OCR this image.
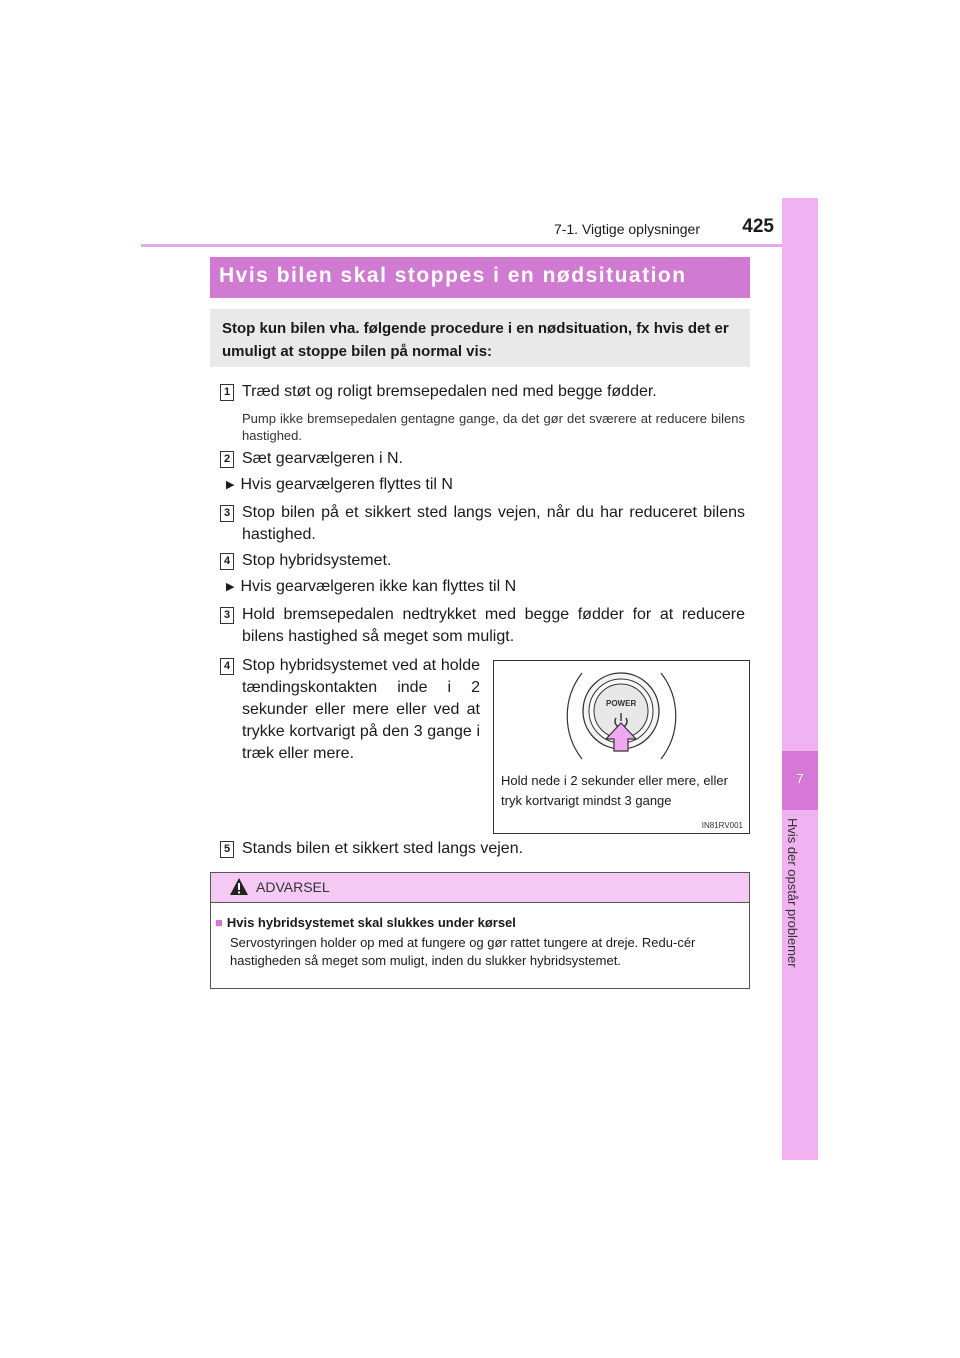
7-1. Vigtige oplysninger	425
7
Hvis der opstår problemer
Hvis bilen skal stoppes i en nødsituation
Stop kun bilen vha. følgende procedure i en nødsituation, fx hvis det er umuligt at stoppe bilen på normal vis:
1 Træd støt og roligt bremsepedalen ned med begge fødder.
Pump ikke bremsepedalen gentagne gange, da det gør det sværere at reducere bilens hastighed.
2 Sæt gearvælgeren i N.
▶ Hvis gearvælgeren flyttes til N
3 Stop bilen på et sikkert sted langs vejen, når du har reduceret bilens hastighed.
4 Stop hybridsystemet.
▶ Hvis gearvælgeren ikke kan flyttes til N
3 Hold bremsepedalen nedtrykket med begge fødder for at reducere bilens hastighed så meget som muligt.
4 Stop hybridsystemet ved at holde tændingskontakten inde i 2 sekunder eller mere eller ved at trykke kortvarigt på den 3 gange i træk eller mere.
POWER
Hold nede i 2 sekunder eller mere, eller tryk kortvarigt mindst 3 gange
IN81RV001
5 Stands bilen et sikkert sted langs vejen.
ADVARSEL
■ Hvis hybridsystemet skal slukkes under kørsel
Servostyringen holder op med at fungere og gør rattet tungere at dreje. Redu-cér hastigheden så meget som muligt, inden du slukker hybridsystemet.
